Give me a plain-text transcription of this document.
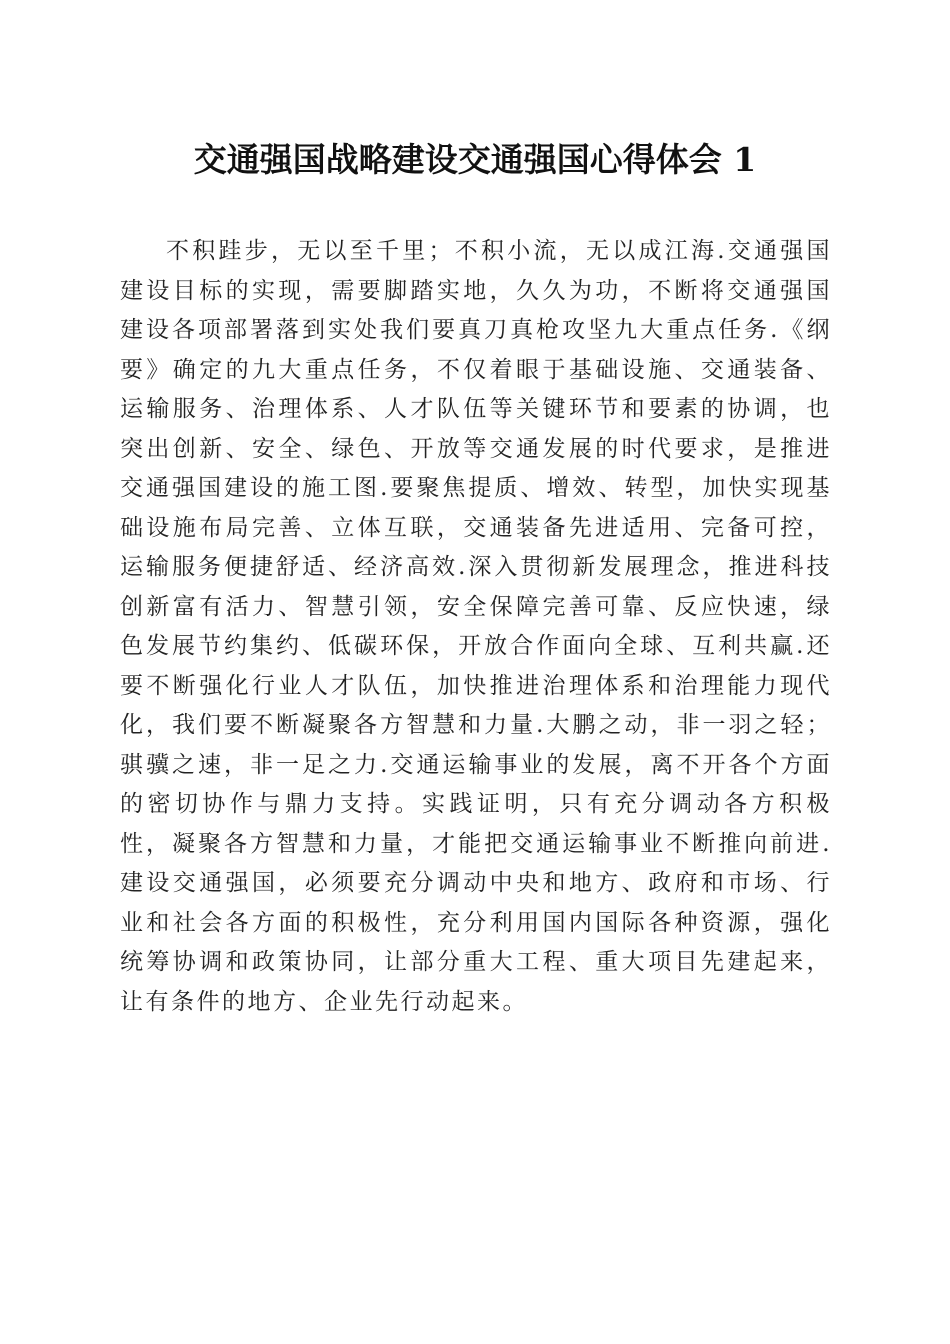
交通强国战略建设交通强国心得体会 1

不积跬步，无以至千里；不积小流，无以成江海.交通强国建设目标的实现，需要脚踏实地，久久为功，不断将交通强国建设各项部署落到实处我们要真刀真枪攻坚九大重点任务.《纲要》确定的九大重点任务，不仅着眼于基础设施、交通装备、运输服务、治理体系、人才队伍等关键环节和要素的协调，也突出创新、安全、绿色、开放等交通发展的时代要求，是推进交通强国建设的施工图.要聚焦提质、增效、转型，加快实现基础设施布局完善、立体互联，交通装备先进适用、完备可控，运输服务便捷舒适、经济高效.深入贯彻新发展理念，推进科技创新富有活力、智慧引领，安全保障完善可靠、反应快速，绿色发展节约集约、低碳环保，开放合作面向全球、互利共赢.还要不断强化行业人才队伍，加快推进治理体系和治理能力现代化，我们要不断凝聚各方智慧和力量.大鹏之动，非一羽之轻；骐骥之速，非一足之力.交通运输事业的发展，离不开各个方面的密切协作与鼎力支持。实践证明，只有充分调动各方积极性，凝聚各方智慧和力量，才能把交通运输事业不断推向前进.建设交通强国，必须要充分调动中央和地方、政府和市场、行业和社会各方面的积极性，充分利用国内国际各种资源，强化统筹协调和政策协同，让部分重大工程、重大项目先建起来，让有条件的地方、企业先行动起来。
